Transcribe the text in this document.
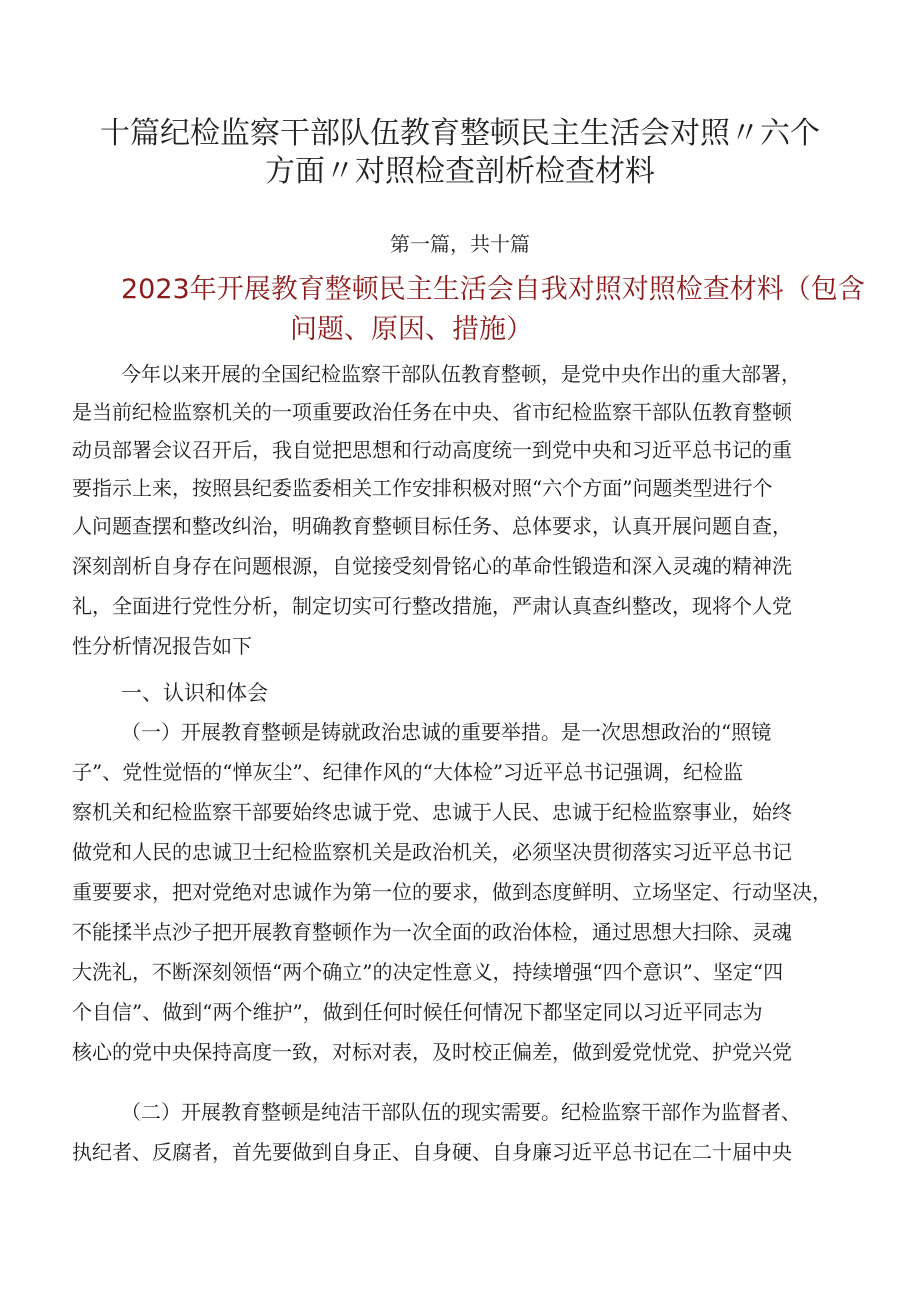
十篇纪检监察干部队伍教育整顿民主生活会对照〃六个
方面〃对照检查剖析检查材料
第一篇，共十篇
2023年开展教育整顿民主生活会自我对照对照检查材料（包含
问题、原因、措施）
今年以来开展的全国纪检监察干部队伍教育整顿，是党中央作出的重大部署，
是当前纪检监察机关的一项重要政治任务在中央、省市纪检监察干部队伍教育整顿
动员部署会议召开后，我自觉把思想和行动高度统一到党中央和习近平总书记的重
要指示上来，按照县纪委监委相关工作安排积极对照“六个方面”问题类型进行个
人问题查摆和整改纠治，明确教育整顿目标任务、总体要求，认真开展问题自查，
深刻剖析自身存在问题根源，自觉接受刻骨铭心的革命性锻造和深入灵魂的精神洗
礼，全面进行党性分析，制定切实可行整改措施，严肃认真查纠整改，现将个人党
性分析情况报告如下
一、认识和体会
（一）开展教育整顿是铸就政治忠诚的重要举措。是一次思想政治的“照镜
子”、党性觉悟的“惮灰尘”、纪律作风的“大体检”习近平总书记强调，纪检监
察机关和纪检监察干部要始终忠诚于党、忠诚于人民、忠诚于纪检监察事业，始终
做党和人民的忠诚卫士纪检监察机关是政治机关，必须坚决贯彻落实习近平总书记
重要要求，把对党绝对忠诚作为第一位的要求，做到态度鲜明、立场坚定、行动坚决，
不能揉半点沙子把开展教育整顿作为一次全面的政治体检，通过思想大扫除、灵魂
大洗礼，不断深刻领悟“两个确立”的决定性意义，持续增强“四个意识”、坚定“四
个自信”、做到“两个维护”，做到任何时候任何情况下都坚定同以习近平同志为
核心的党中央保持高度一致，对标对表，及时校正偏差，做到爱党忧党、护党兴党
（二）开展教育整顿是纯洁干部队伍的现实需要。纪检监察干部作为监督者、
执纪者、反腐者，首先要做到自身正、自身硬、自身廉习近平总书记在二十届中央
